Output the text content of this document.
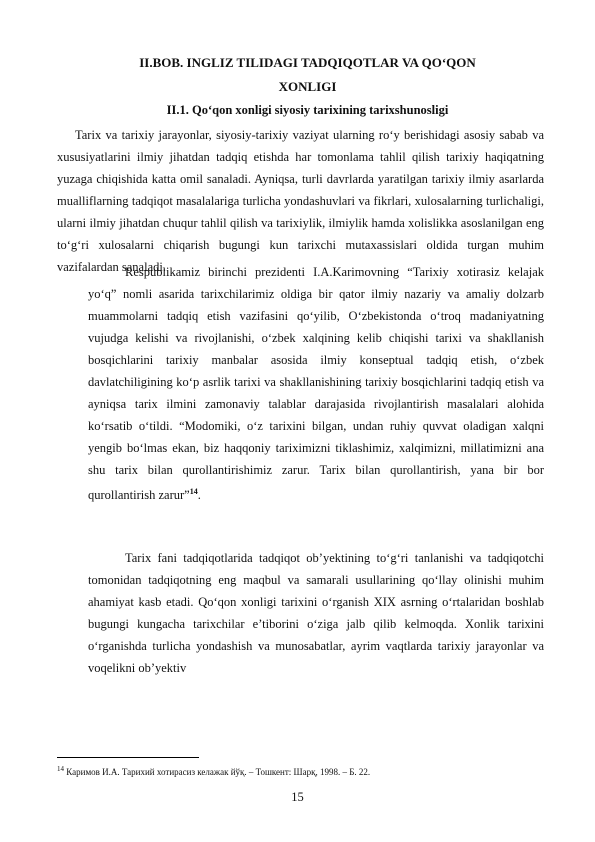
II.BOB. INGLIZ TILIDAGI TADQIQOTLAR VA QO‘QON
XONLIGI
II.1. Qo‘qon xonligi siyosiy tarixining tarixshunosligi

Tarix va tarixiy jarayonlar, siyosiy-tarixiy vaziyat ularning ro‘y berishidagi asosiy sabab va xususiyatlarini ilmiy jihatdan tadqiq etishda har tomonlama tahlil qilish tarixiy haqiqatning yuzaga chiqishida katta omil sanaladi. Ayniqsa, turli davrlarda yaratilgan tarixiy ilmiy asarlarda mualliflarning tadqiqot masalalariga turlicha yondashuvlari va fikrlari, xulosalarning turlichaligi, ularni ilmiy jihatdan chuqur tahlil qilish va tarixiylik, ilmiylik hamda xolislikka asoslanilgan eng to‘g‘ri xulosalarni chiqarish bugungi kun tarixchi mutaxassislari oldida turgan muhim vazifalardan sanaladi.

Respublikamiz birinchi prezidenti I.A.Karimovning “Tarixiy xotirasiz kelajak yo‘q” nomli asarida tarixchilarimiz oldiga bir qator ilmiy nazariy va amaliy dolzarb muammolarni tadqiq etish vazifasini qo‘yilib, O‘zbekistonda o‘troq madaniyatning vujudga kelishi va rivojlanishi, o‘zbek xalqining kelib chiqishi tarixi va shakllanish bosqichlarini tarixiy manbalar asosida ilmiy konseptual tadqiq etish, o‘zbek davlatchiligining ko‘p asrlik tarixi va shakllanishining tarixiy bosqichlarini tadqiq etish va ayniqsa tarix ilmini zamonaviy talablar darajasida rivojlantirish masalalari alohida ko‘rsatib o‘tildi. “Modomiki, o‘z tarixini bilgan, undan ruhiy quvvat oladigan xalqni yengib bo‘lmas ekan, biz haqqoniy tariximizni tiklashimiz, xalqimizni, millatimizni ana shu tarix bilan qurollantirishimiz zarur. Tarix bilan qurollantirish, yana bir bor qurollantirish zarur”$^{14}$.

Tarix fani tadqiqotlarida tadqiqot ob’yektining to‘g‘ri tanlanishi va tadqiqotchi tomonidan tadqiqotning eng maqbul va samarali usullarining qo‘llay olinishi muhim ahamiyat kasb etadi. Qo‘qon xonligi tarixini o‘rganish XIX asrning o‘rtalaridan boshlab bugungi kungacha tarixchilar e’tiborini o‘ziga jalb qilib kelmoqda. Xonlik tarixini o‘rganishda turlicha yondashish va munosabatlar, ayrim vaqtlarda tarixiy jarayonlar va voqelikni ob’yektiv

$^{14}$ Каримов И.А. Тарихий хотирасиз келажак йўқ. – Тошкент: Шарқ, 1998. – Б. 22.
15
